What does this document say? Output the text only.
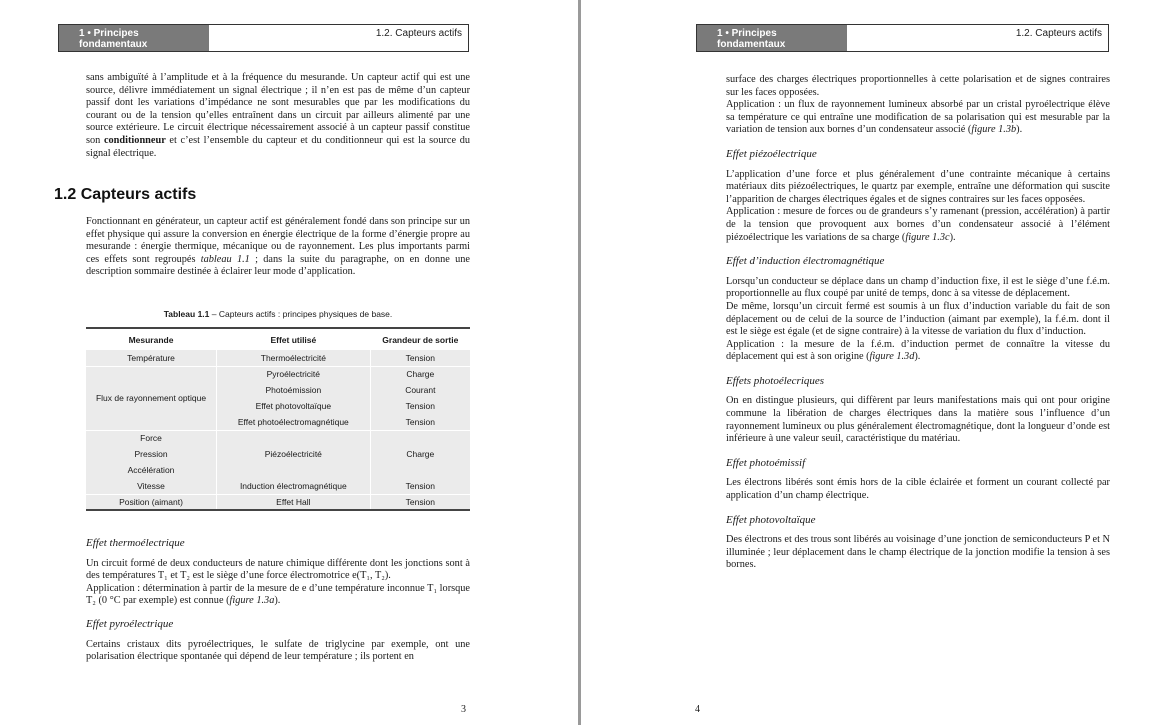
1 • Principes fondamentaux
1.2. Capteurs actifs

sans ambiguïté à l’amplitude et à la fréquence du mesurande. Un capteur actif qui est une source, délivre immédiatement un signal électrique ; il n’en est pas de même d’un capteur passif dont les variations d’impédance ne sont mesurables que par les modifications du courant ou de la tension qu’elles entraînent dans un circuit par ailleurs alimenté par une source extérieure. Le circuit électrique nécessairement associé à un capteur passif constitue son conditionneur et c’est l’ensemble du capteur et du conditionneur qui est la source du signal électrique.

1.2 Capteurs actifs

Fonctionnant en générateur, un capteur actif est généralement fondé dans son principe sur un effet physique qui assure la conversion en énergie électrique de la forme d’énergie propre au mesurande : énergie thermique, mécanique ou de rayonnement. Les plus importants parmi ces effets sont regroupés tableau 1.1 ; dans la suite du paragraphe, on en donne une description sommaire destinée à éclairer leur mode d’application.

Tableau 1.1 – Capteurs actifs : principes physiques de base.
Mesurande	Effet utilisé	Grandeur de sortie
Température	Thermoélectricité	Tension
Flux de rayonnement optique	Pyroélectricité	Charge
	Photoémission	Courant
	Effet photovoltaïque	Tension
	Effet photoélectromagnétique	Tension
Force	Piézoélectricité	Charge
Pression		
Accélération		
Vitesse	Induction électromagnétique	Tension
Position (aimant)	Effet Hall	Tension

Effet thermoélectrique

Un circuit formé de deux conducteurs de nature chimique différente dont les jonctions sont à des températures T₁ et T₂ est le siège d’une force électromotrice e(T₁, T₂).

Application : détermination à partir de la mesure de e d’une température inconnue T₁ lorsque T₂ (0 °C par exemple) est connue (figure 1.3a).

Effet pyroélectrique

Certains cristaux dits pyroélectriques, le sulfate de triglycine par exemple, ont une polarisation électrique spontanée qui dépend de leur température ; ils portent en

3
1 • Principes fondamentaux
1.2. Capteurs actifs

surface des charges électriques proportionnelles à cette polarisation et de signes contraires sur les faces opposées.

Application : un flux de rayonnement lumineux absorbé par un cristal pyroélectrique élève sa température ce qui entraîne une modification de sa polarisation qui est mesurable par la variation de tension aux bornes d’un condensateur associé (figure 1.3b).

Effet piézoélectrique

L’application d’une force et plus généralement d’une contrainte mécanique à certains matériaux dits piézoélectriques, le quartz par exemple, entraîne une déformation qui suscite l’apparition de charges électriques égales et de signes contraires sur les faces opposées.

Application : mesure de forces ou de grandeurs s’y ramenant (pression, accélération) à partir de la tension que provoquent aux bornes d’un condensateur associé à l’élément piézoélectrique les variations de sa charge (figure 1.3c).

Effet d’induction électromagnétique

Lorsqu’un conducteur se déplace dans un champ d’induction fixe, il est le siège d’une f.é.m. proportionnelle au flux coupé par unité de temps, donc à sa vitesse de déplacement.

De même, lorsqu’un circuit fermé est soumis à un flux d’induction variable du fait de son déplacement ou de celui de la source de l’induction (aimant par exemple), la f.é.m. dont il est le siège est égale (et de signe contraire) à la vitesse de variation du flux d’induction.

Application : la mesure de la f.é.m. d’induction permet de connaître la vitesse du déplacement qui est à son origine (figure 1.3d).

Effets photoélecriques

On en distingue plusieurs, qui diffèrent par leurs manifestations mais qui ont pour origine commune la libération de charges électriques dans la matière sous l’influence d’un rayonnement lumineux ou plus généralement électromagnétique, dont la longueur d’onde est inférieure à une valeur seuil, caractéristique du matériau.

Effet photoémissif

Les électrons libérés sont émis hors de la cible éclairée et forment un courant collecté par application d’un champ électrique.

Effet photovoltaïque

Des électrons et des trous sont libérés au voisinage d’une jonction de semiconducteurs P et N illuminée ; leur déplacement dans le champ électrique de la jonction modifie la tension à ses bornes.

4
